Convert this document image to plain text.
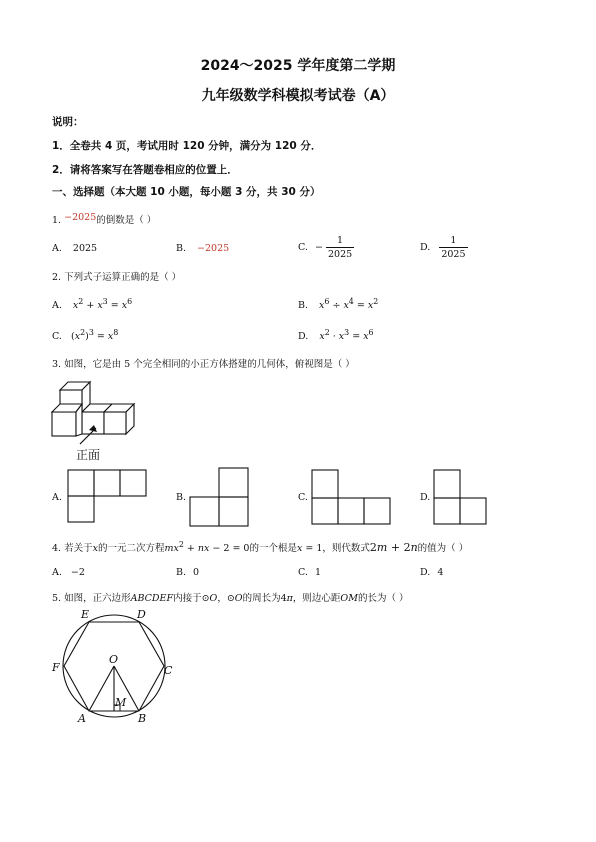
2024～2025 学年度第二学期
九年级数学科模拟考试卷（A）
说明：
1．全卷共 4 页，考试用时 120 分钟，满分为 120 分．
2．请将答案写在答题卷相应的位置上．
一、选择题（本大题 10 小题，每小题 3 分，共 30 分）
1. −2025的倒数是（ ）
A. 2025	B. −2025	C. − $\frac{1}{2025}$	D. $\frac{1}{2025}$
2. 下列式子运算正确的是（ ）
A. $x^2 + x^3 = x^6$	B. $x^6 \div x^4 = x^2$
C. $(x^2)^3 = x^8$	D. $x^2 \cdot x^3 = x^6$
3. 如图，它是由 5 个完全相同的小正方体搭建的几何体，俯视图是（ ）
正面
A.	B.	C.	D.
4. 若关于x的一元二次方程$mx^2$ + nx − 2 = 0的一个根是x = 1，则代数式2m + 2n的值为（ ）
A. −2	B. 0	C. 1	D. 4
5. 如图，正六边形ABCDEF内接于⊙O，⊙O的周长为4π，则边心距OM的长为（ ）
A	B
C
D
E
F
O
M
